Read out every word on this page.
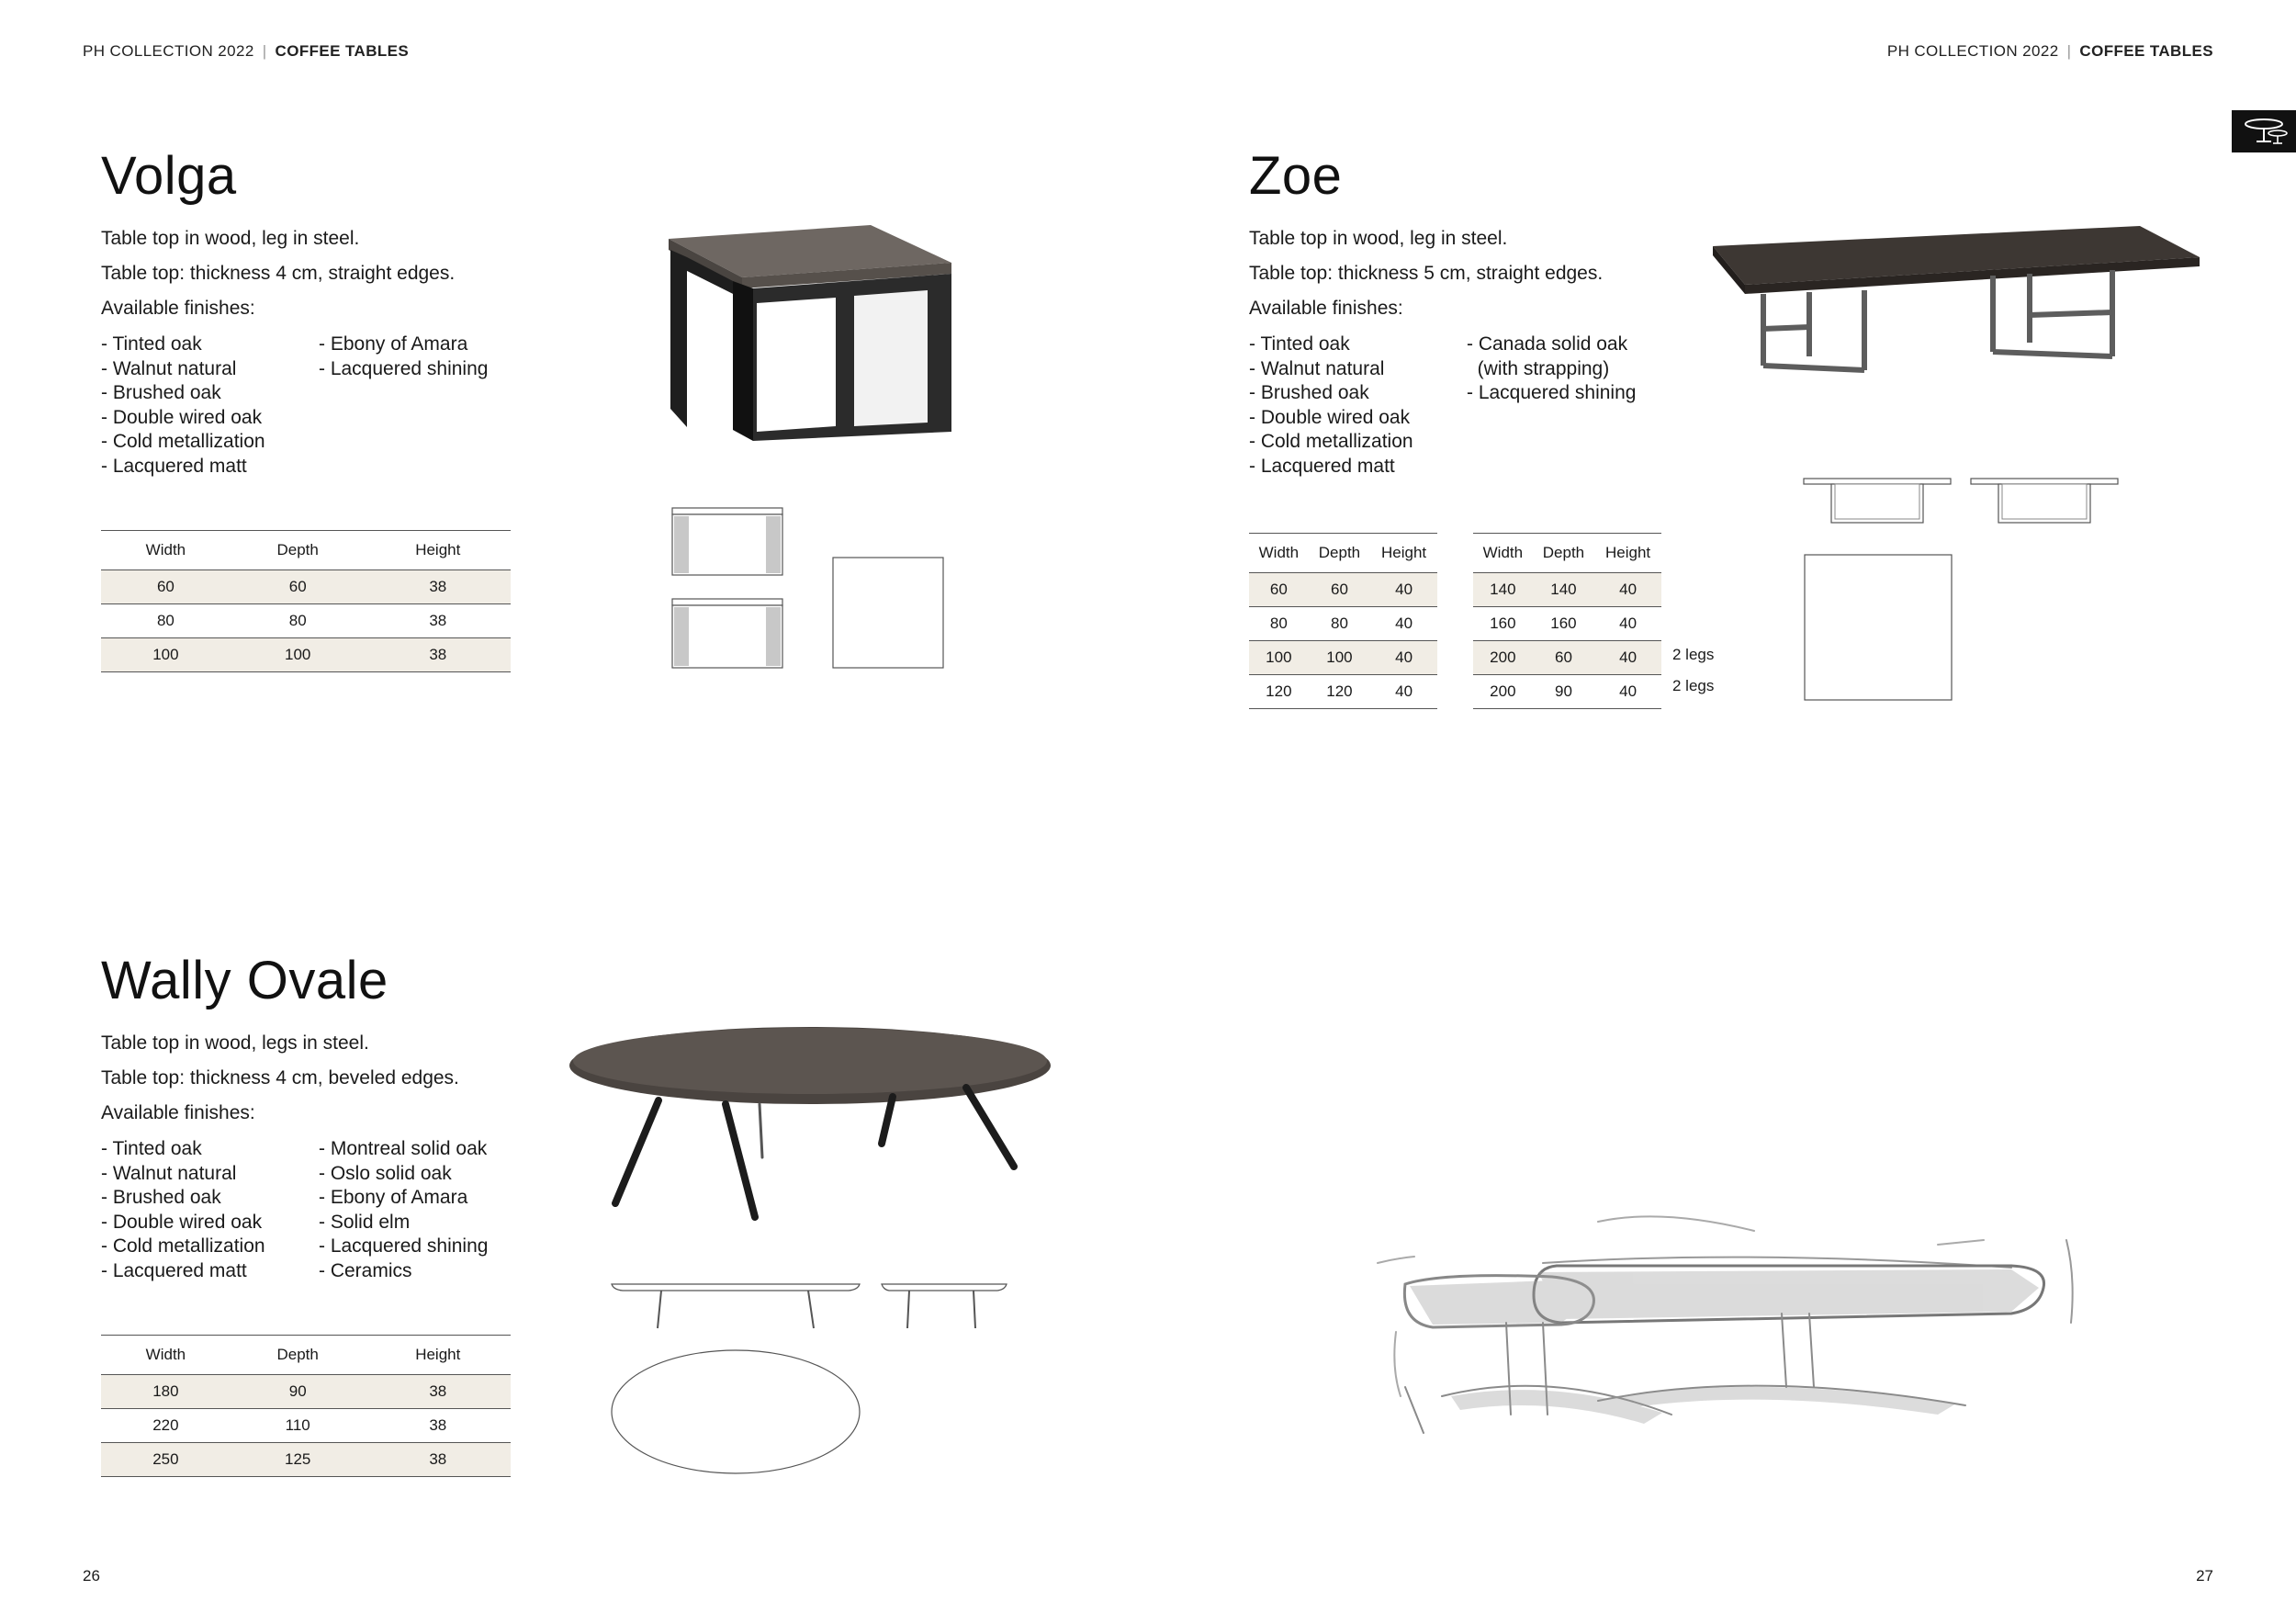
PH COLLECTION 2022 | COFFEE TABLES	PH COLLECTION 2022 | COFFEE TABLES
Volga
Table top in wood, leg in steel.
Table top: thickness 4 cm, straight edges.
Available finishes:
- Tinted oak
- Walnut natural
- Brushed oak
- Double wired oak
- Cold metallization
- Lacquered matt
- Ebony of Amara
- Lacquered shining
Width	Depth	Height
60	60	38
80	80	38
100	100	38
Zoe
Table top in wood, leg in steel.
Table top: thickness 5 cm, straight edges.
Available finishes:
- Tinted oak
- Walnut natural
- Brushed oak
- Double wired oak
- Cold metallization
- Lacquered matt
- Canada solid oak
(with strapping)
- Lacquered shining
Width	Depth	Height
60	60	40
80	80	40
100	100	40
120	120	40
Width	Depth	Height
140	140	40
160	160	40
200	60	40
200	90	40
2 legs
2 legs
Wally Ovale
Table top in wood, legs in steel.
Table top: thickness 4 cm, beveled edges.
Available finishes:
- Tinted oak
- Walnut natural
- Brushed oak
- Double wired oak
- Cold metallization
- Lacquered matt
- Montreal solid oak
- Oslo solid oak
- Ebony of Amara
- Solid elm
- Lacquered shining
- Ceramics
Width	Depth	Height
180	90	38
220	110	38
250	125	38
26	27
